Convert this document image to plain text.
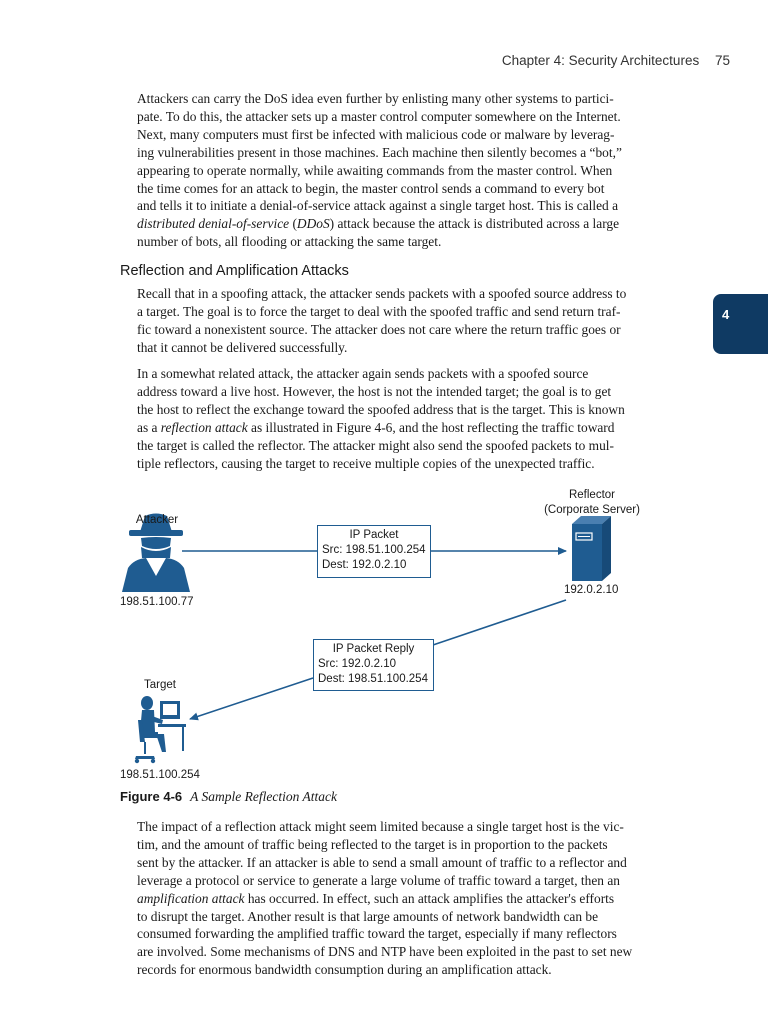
Chapter 4: Security Architectures 75
4
Attackers can carry the DoS idea even further by enlisting many other systems to partici-
pate. To do this, the attacker sets up a master control computer somewhere on the Internet.
Next, many computers must first be infected with malicious code or malware by leverag-
ing vulnerabilities present in those machines. Each machine then silently becomes a “bot,”
appearing to operate normally, while awaiting commands from the master control. When
the time comes for an attack to begin, the master control sends a command to every bot
and tells it to initiate a denial-of-service attack against a single target host. This is called a
distributed denial-of-service (DDoS) attack because the attack is distributed across a large
number of bots, all flooding or attacking the same target.
Reflection and Amplification Attacks
Recall that in a spoofing attack, the attacker sends packets with a spoofed source address to
a target. The goal is to force the target to deal with the spoofed traffic and send return traf-
fic toward a nonexistent source. The attacker does not care where the return traffic goes or
that it cannot be delivered successfully.
In a somewhat related attack, the attacker again sends packets with a spoofed source
address toward a live host. However, the host is not the intended target; the goal is to get
the host to reflect the exchange toward the spoofed address that is the target. This is known
as a reflection attack as illustrated in Figure 4-6, and the host reflecting the traffic toward
the target is called the reflector. The attacker might also send the spoofed packets to mul-
tiple reflectors, causing the target to receive multiple copies of the unexpected traffic.
Attacker
198.51.100.77
Reflector
(Corporate Server)
192.0.2.10
Target
198.51.100.254
IP Packet
Src: 198.51.100.254
Dest: 192.0.2.10
IP Packet Reply
Src: 192.0.2.10
Dest: 198.51.100.254
Figure 4-6 A Sample Reflection Attack
The impact of a reflection attack might seem limited because a single target host is the vic-
tim, and the amount of traffic being reflected to the target is in proportion to the packets
sent by the attacker. If an attacker is able to send a small amount of traffic to a reflector and
leverage a protocol or service to generate a large volume of traffic toward a target, then an
amplification attack has occurred. In effect, such an attack amplifies the attacker's efforts
to disrupt the target. Another result is that large amounts of network bandwidth can be
consumed forwarding the amplified traffic toward the target, especially if many reflectors
are involved. Some mechanisms of DNS and NTP have been exploited in the past to set new
records for enormous bandwidth consumption during an amplification attack.
